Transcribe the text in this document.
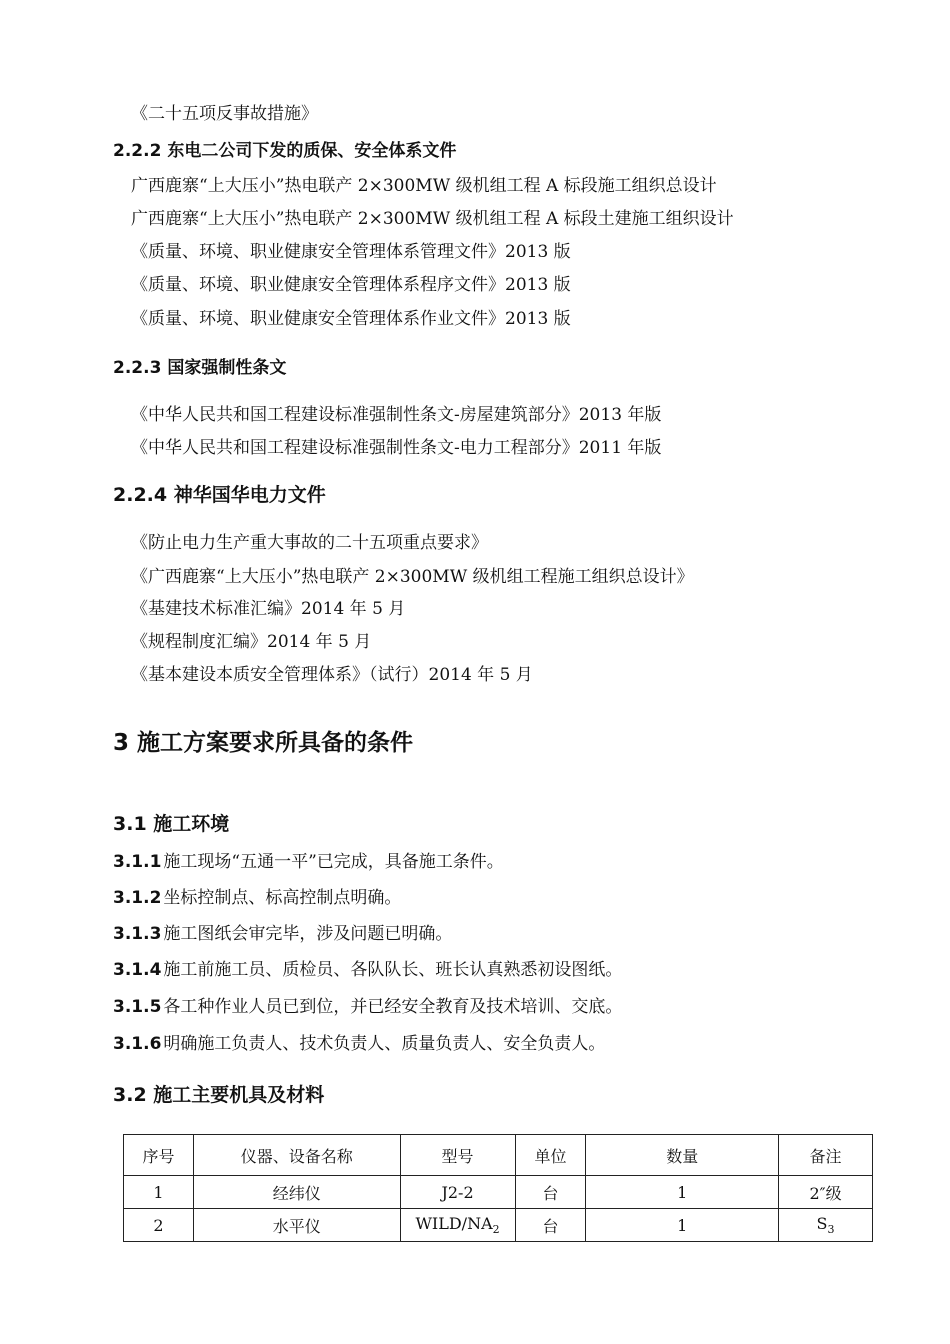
《二十五项反事故措施》
2.2.2 东电二公司下发的质保、安全体系文件
广西鹿寨“上大压小”热电联产 2×300MW 级机组工程 A 标段施工组织总设计
广西鹿寨“上大压小”热电联产 2×300MW 级机组工程 A 标段土建施工组织设计
《质量、环境、职业健康安全管理体系管理文件》2013 版
《质量、环境、职业健康安全管理体系程序文件》2013 版
《质量、环境、职业健康安全管理体系作业文件》2013 版
2.2.3 国家强制性条文
《中华人民共和国工程建设标准强制性条文-房屋建筑部分》2013 年版
《中华人民共和国工程建设标准强制性条文-电力工程部分》2011 年版
2.2.4 神华国华电力文件
《防止电力生产重大事故的二十五项重点要求》
《广西鹿寨“上大压小”热电联产 2×300MW 级机组工程施工组织总设计》
《基建技术标准汇编》2014 年 5 月
《规程制度汇编》2014 年 5 月
《基本建设本质安全管理体系》（试行）2014 年 5 月
3 施工方案要求所具备的条件
3.1 施工环境
3.1.1 施工现场“五通一平”已完成，具备施工条件。
3.1.2 坐标控制点、标高控制点明确。
3.1.3 施工图纸会审完毕，涉及问题已明确。
3.1.4 施工前施工员、质检员、各队队长、班长认真熟悉初设图纸。
3.1.5 各工种作业人员已到位，并已经安全教育及技术培训、交底。
3.1.6 明确施工负责人、技术负责人、质量负责人、安全负责人。
3.2 施工主要机具及材料
序号	仪器、设备名称	型号	单位	数量	备注
1	经纬仪	J2-2	台	1	2″级
2	水平仪	WILD/$NA_2$	台	1	$S_3$
